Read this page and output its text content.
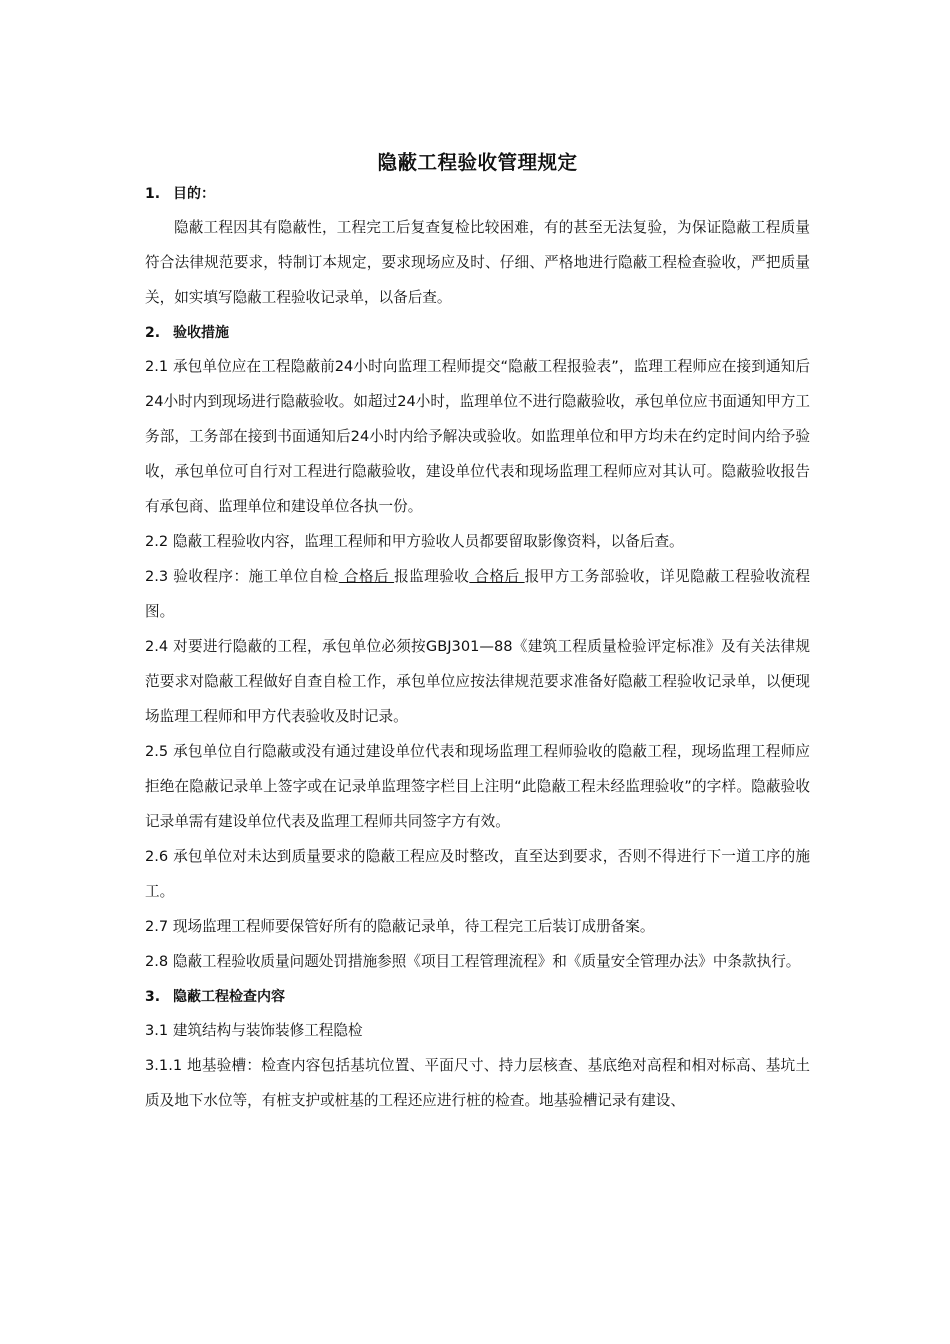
隐蔽工程验收管理规定
1. 目的：

隐蔽工程因其有隐蔽性，工程完工后复查复检比较困难，有的甚至无法复验，为保证隐蔽工程质量符合法律规范要求，特制订本规定，要求现场应及时、仔细、严格地进行隐蔽工程检查验收，严把质量关，如实填写隐蔽工程验收记录单，以备后查。

2. 验收措施

2.1 承包单位应在工程隐蔽前24小时向监理工程师提交“隐蔽工程报验表”，监理工程师应在接到通知后24小时内到现场进行隐蔽验收。如超过24小时，监理单位不进行隐蔽验收，承包单位应书面通知甲方工务部，工务部在接到书面通知后24小时内给予解决或验收。如监理单位和甲方均未在约定时间内给予验收，承包单位可自行对工程进行隐蔽验收，建设单位代表和现场监理工程师应对其认可。隐蔽验收报告有承包商、监理单位和建设单位各执一份。

2.2 隐蔽工程验收内容，监理工程师和甲方验收人员都要留取影像资料，以备后查。

2.3 验收程序：施工单位自检 合格后 报监理验收 合格后 报甲方工务部验收，详见隐蔽工程验收流程图。

2.4 对要进行隐蔽的工程，承包单位必须按GBJ301—88《建筑工程质量检验评定标准》及有关法律规范要求对隐蔽工程做好自查自检工作，承包单位应按法律规范要求准备好隐蔽工程验收记录单，以便现场监理工程师和甲方代表验收及时记录。

2.5 承包单位自行隐蔽或没有通过建设单位代表和现场监理工程师验收的隐蔽工程，现场监理工程师应拒绝在隐蔽记录单上签字或在记录单监理签字栏目上注明“此隐蔽工程未经监理验收”的字样。隐蔽验收记录单需有建设单位代表及监理工程师共同签字方有效。

2.6 承包单位对未达到质量要求的隐蔽工程应及时整改，直至达到要求，否则不得进行下一道工序的施工。

2.7 现场监理工程师要保管好所有的隐蔽记录单，待工程完工后装订成册备案。

2.8 隐蔽工程验收质量问题处罚措施参照《项目工程管理流程》和《质量安全管理办法》中条款执行。

3. 隐蔽工程检查内容

3.1 建筑结构与装饰装修工程隐检

3.1.1 地基验槽：检查内容包括基坑位置、平面尺寸、持力层核查、基底绝对高程和相对标高、基坑土质及地下水位等，有桩支护或桩基的工程还应进行桩的检查。地基验槽记录有建设、
